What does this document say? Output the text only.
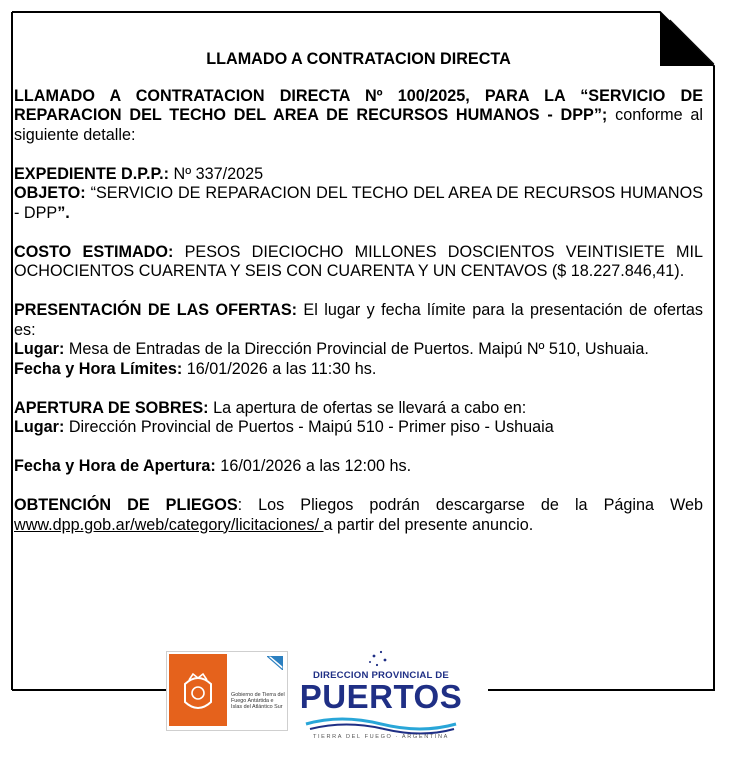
LLAMADO A CONTRATACION DIRECTA

LLAMADO A CONTRATACION DIRECTA Nº 100/2025, PARA LA “SERVICIO DE REPARACION DEL TECHO DEL AREA DE RECURSOS HUMANOS - DPP”; conforme al siguiente detalle:

EXPEDIENTE D.P.P.: Nº 337/2025

OBJETO: “SERVICIO DE REPARACION DEL TECHO DEL AREA DE RECURSOS HUMANOS - DPP”.

COSTO ESTIMADO: PESOS DIECIOCHO MILLONES DOSCIENTOS VEINTISIETE MIL OCHOCIENTOS CUARENTA Y SEIS CON CUARENTA Y UN CENTAVOS ($ 18.227.846,41).

PRESENTACIÓN DE LAS OFERTAS: El lugar y fecha límite para la presentación de ofertas es:

Lugar: Mesa de Entradas de la Dirección Provincial de Puertos. Maipú Nº 510, Ushuaia.

Fecha y Hora Límites: 16/01/2026 a las 11:30 hs.

APERTURA DE SOBRES: La apertura de ofertas se llevará a cabo en:

Lugar: Dirección Provincial de Puertos - Maipú 510 - Primer piso - Ushuaia

Fecha y Hora de Apertura: 16/01/2026 a las 12:00 hs.

OBTENCIÓN DE PLIEGOS: Los Pliegos podrán descargarse de la Página Web www.dpp.gob.ar/web/category/licitaciones/ a partir del presente anuncio.

Gobierno de Tierra del Fuego Antártida e Islas del Atlántico Sur
DIRECCION PROVINCIAL DE
PUERTOS
TIERRA DEL FUEGO · ARGENTINA
